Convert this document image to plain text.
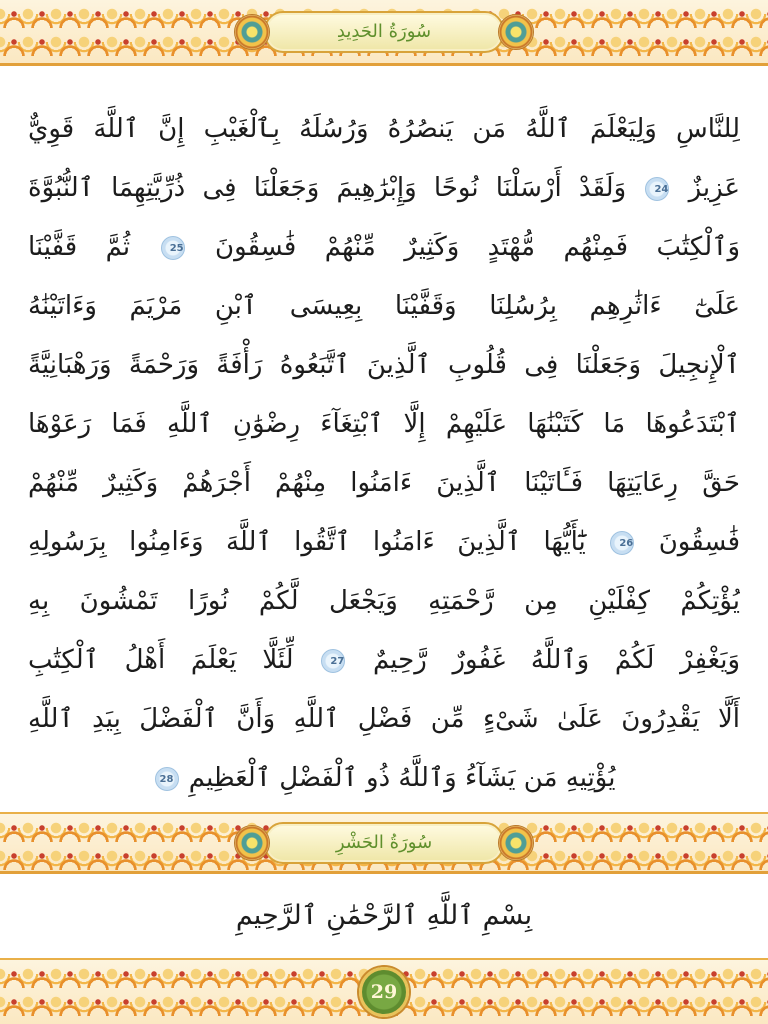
سُورَةُ الحَدِيدِ
لِلنَّاسِ وَلِيَعْلَمَ ٱللَّهُ مَن يَنصُرُهُ وَرُسُلَهُ بِٱلْغَيْبِ إِنَّ ٱللَّهَ قَوِيٌّ
عَزِيزٌ 24 وَلَقَدْ أَرْسَلْنَا نُوحًا وَإِبْرَٰهِيمَ وَجَعَلْنَا فِى ذُرِّيَّتِهِمَا ٱلنُّبُوَّةَ
وَٱلْكِتَٰبَ فَمِنْهُم مُّهْتَدٍ وَكَثِيرٌ مِّنْهُمْ فَٰسِقُونَ 25 ثُمَّ قَفَّيْنَا
عَلَىٰٓ ءَاثَٰرِهِم بِرُسُلِنَا وَقَفَّيْنَا بِعِيسَى ٱبْنِ مَرْيَمَ وَءَاتَيْنَٰهُ
ٱلْإِنجِيلَ وَجَعَلْنَا فِى قُلُوبِ ٱلَّذِينَ ٱتَّبَعُوهُ رَأْفَةً وَرَحْمَةً وَرَهْبَانِيَّةً
ٱبْتَدَعُوهَا مَا كَتَبْنَٰهَا عَلَيْهِمْ إِلَّا ٱبْتِغَآءَ رِضْوَٰنِ ٱللَّهِ فَمَا رَعَوْهَا
حَقَّ رِعَايَتِهَا فَـَٔاتَيْنَا ٱلَّذِينَ ءَامَنُوا مِنْهُمْ أَجْرَهُمْ وَكَثِيرٌ مِّنْهُمْ
فَٰسِقُونَ 26 يَٰٓأَيُّهَا ٱلَّذِينَ ءَامَنُوا ٱتَّقُوا ٱللَّهَ وَءَامِنُوا بِرَسُولِهِ
يُؤْتِكُمْ كِفْلَيْنِ مِن رَّحْمَتِهِ وَيَجْعَل لَّكُمْ نُورًا تَمْشُونَ بِهِ
وَيَغْفِرْ لَكُمْ وَٱللَّهُ غَفُورٌ رَّحِيمٌ 27 لِّئَلَّا يَعْلَمَ أَهْلُ ٱلْكِتَٰبِ
أَلَّا يَقْدِرُونَ عَلَىٰ شَىْءٍ مِّن فَضْلِ ٱللَّهِ وَأَنَّ ٱلْفَضْلَ بِيَدِ ٱللَّهِ
يُؤْتِيهِ مَن يَشَآءُ وَٱللَّهُ ذُو ٱلْفَضْلِ ٱلْعَظِيمِ 28
سُورَةُ الحَشْرِ
بِسْمِ ٱللَّهِ ٱلرَّحْمَٰنِ ٱلرَّحِيمِ
29
